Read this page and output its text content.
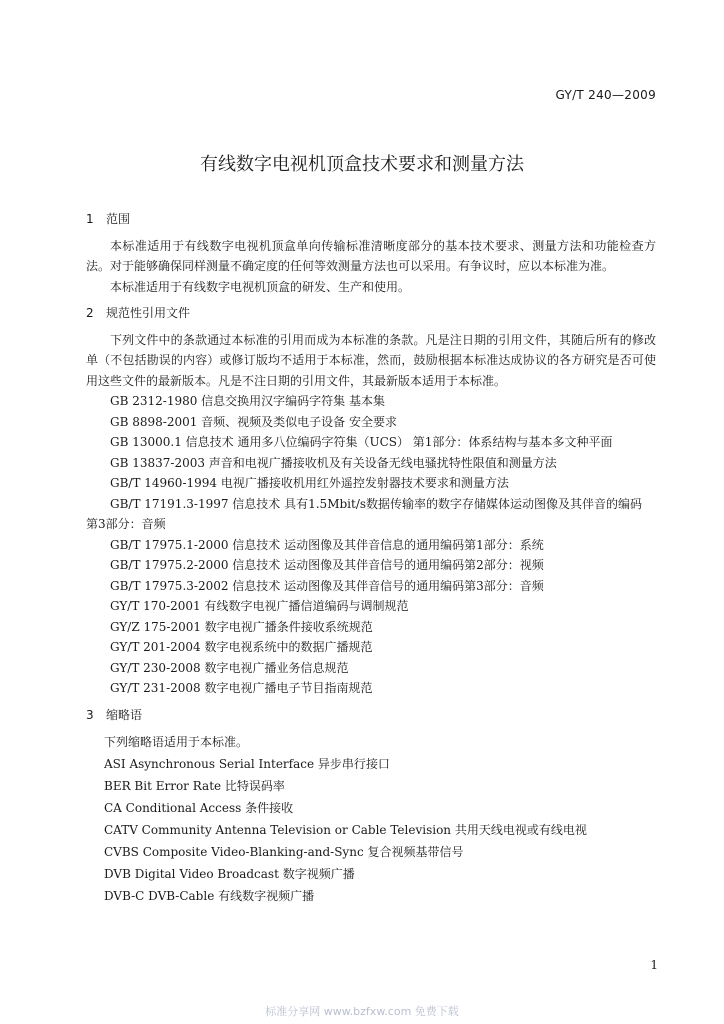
GY/T 240—2009
有线数字电视机顶盒技术要求和测量方法

1 范围

本标准适用于有线数字电视机顶盒单向传输标准清晰度部分的基本技术要求、测量方法和功能检查方法。对于能够确保同样测量不确定度的任何等效测量方法也可以采用。有争议时，应以本标准为准。

本标准适用于有线数字电视机顶盒的研发、生产和使用。

2 规范性引用文件

下列文件中的条款通过本标准的引用而成为本标准的条款。凡是注日期的引用文件，其随后所有的修改单（不包括勘误的内容）或修订版均不适用于本标准，然而，鼓励根据本标准达成协议的各方研究是否可使用这些文件的最新版本。凡是不注日期的引用文件，其最新版本适用于本标准。

GB 2312-1980 信息交换用汉字编码字符集 基本集

GB 8898-2001 音频、视频及类似电子设备 安全要求

GB 13000.1 信息技术 通用多八位编码字符集（UCS） 第1部分：体系结构与基本多文种平面

GB 13837-2003 声音和电视广播接收机及有关设备无线电骚扰特性限值和测量方法

GB/T 14960-1994 电视广播接收机用红外遥控发射器技术要求和测量方法

GB/T 17191.3-1997 信息技术 具有1.5Mbit/s数据传输率的数字存储媒体运动图像及其伴音的编码 第3部分：音频

GB/T 17975.1-2000 信息技术 运动图像及其伴音信息的通用编码第1部分：系统

GB/T 17975.2-2000 信息技术 运动图像及其伴音信号的通用编码第2部分：视频

GB/T 17975.3-2002 信息技术 运动图像及其伴音信号的通用编码第3部分：音频

GY/T 170-2001 有线数字电视广播信道编码与调制规范

GY/Z 175-2001 数字电视广播条件接收系统规范

GY/T 201-2004 数字电视系统中的数据广播规范

GY/T 230-2008 数字电视广播业务信息规范

GY/T 231-2008 数字电视广播电子节目指南规范

3 缩略语

下列缩略语适用于本标准。

ASI Asynchronous Serial Interface 异步串行接口

BER Bit Error Rate 比特误码率

CA Conditional Access 条件接收

CATV Community Antenna Television or Cable Television 共用天线电视或有线电视

CVBS Composite Video-Blanking-and-Sync 复合视频基带信号

DVB Digital Video Broadcast 数字视频广播

DVB-C DVB-Cable 有线数字视频广播

1
标准分享网 www.bzfxw.com 免费下载
